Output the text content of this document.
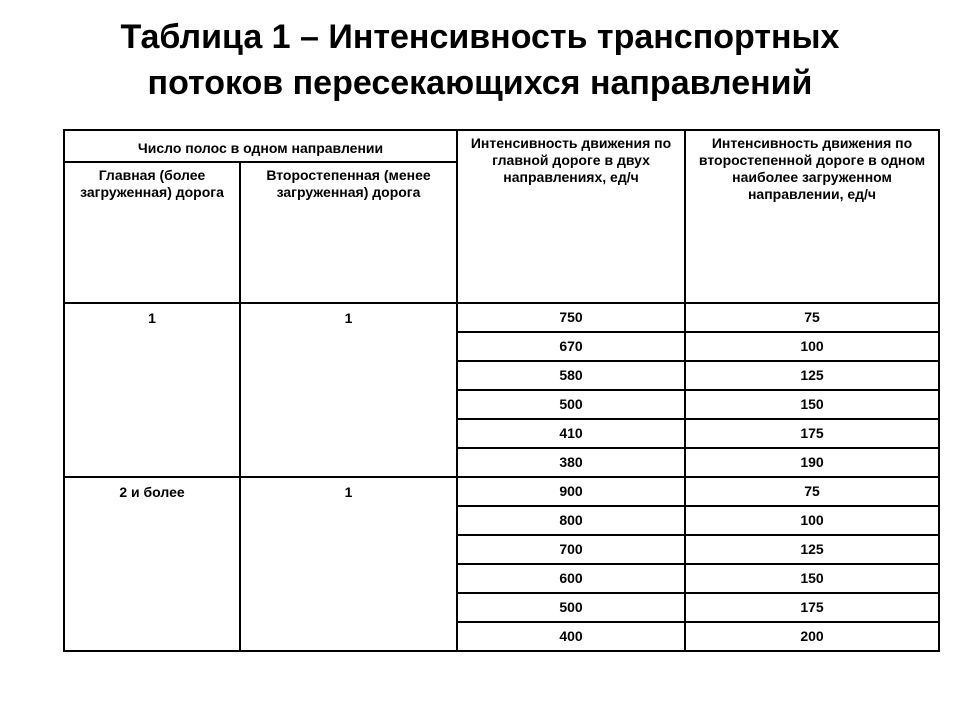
Таблица 1 – Интенсивность транспортных
потоков пересекающихся направлений
Число полос в одном направлении		Интенсивность движения по главной дороге в двух направлениях, ед/ч	Интенсивность движения по второстепенной дороге в одном наиболее загруженном направлении, ед/ч
Главная (более загруженная) дорога	Второстепенная (менее загруженная) дорога		
1	1	750	75
		670	100
		580	125
		500	150
		410	175
		380	190
2 и более	1	900	75
		800	100
		700	125
		600	150
		500	175
		400	200
